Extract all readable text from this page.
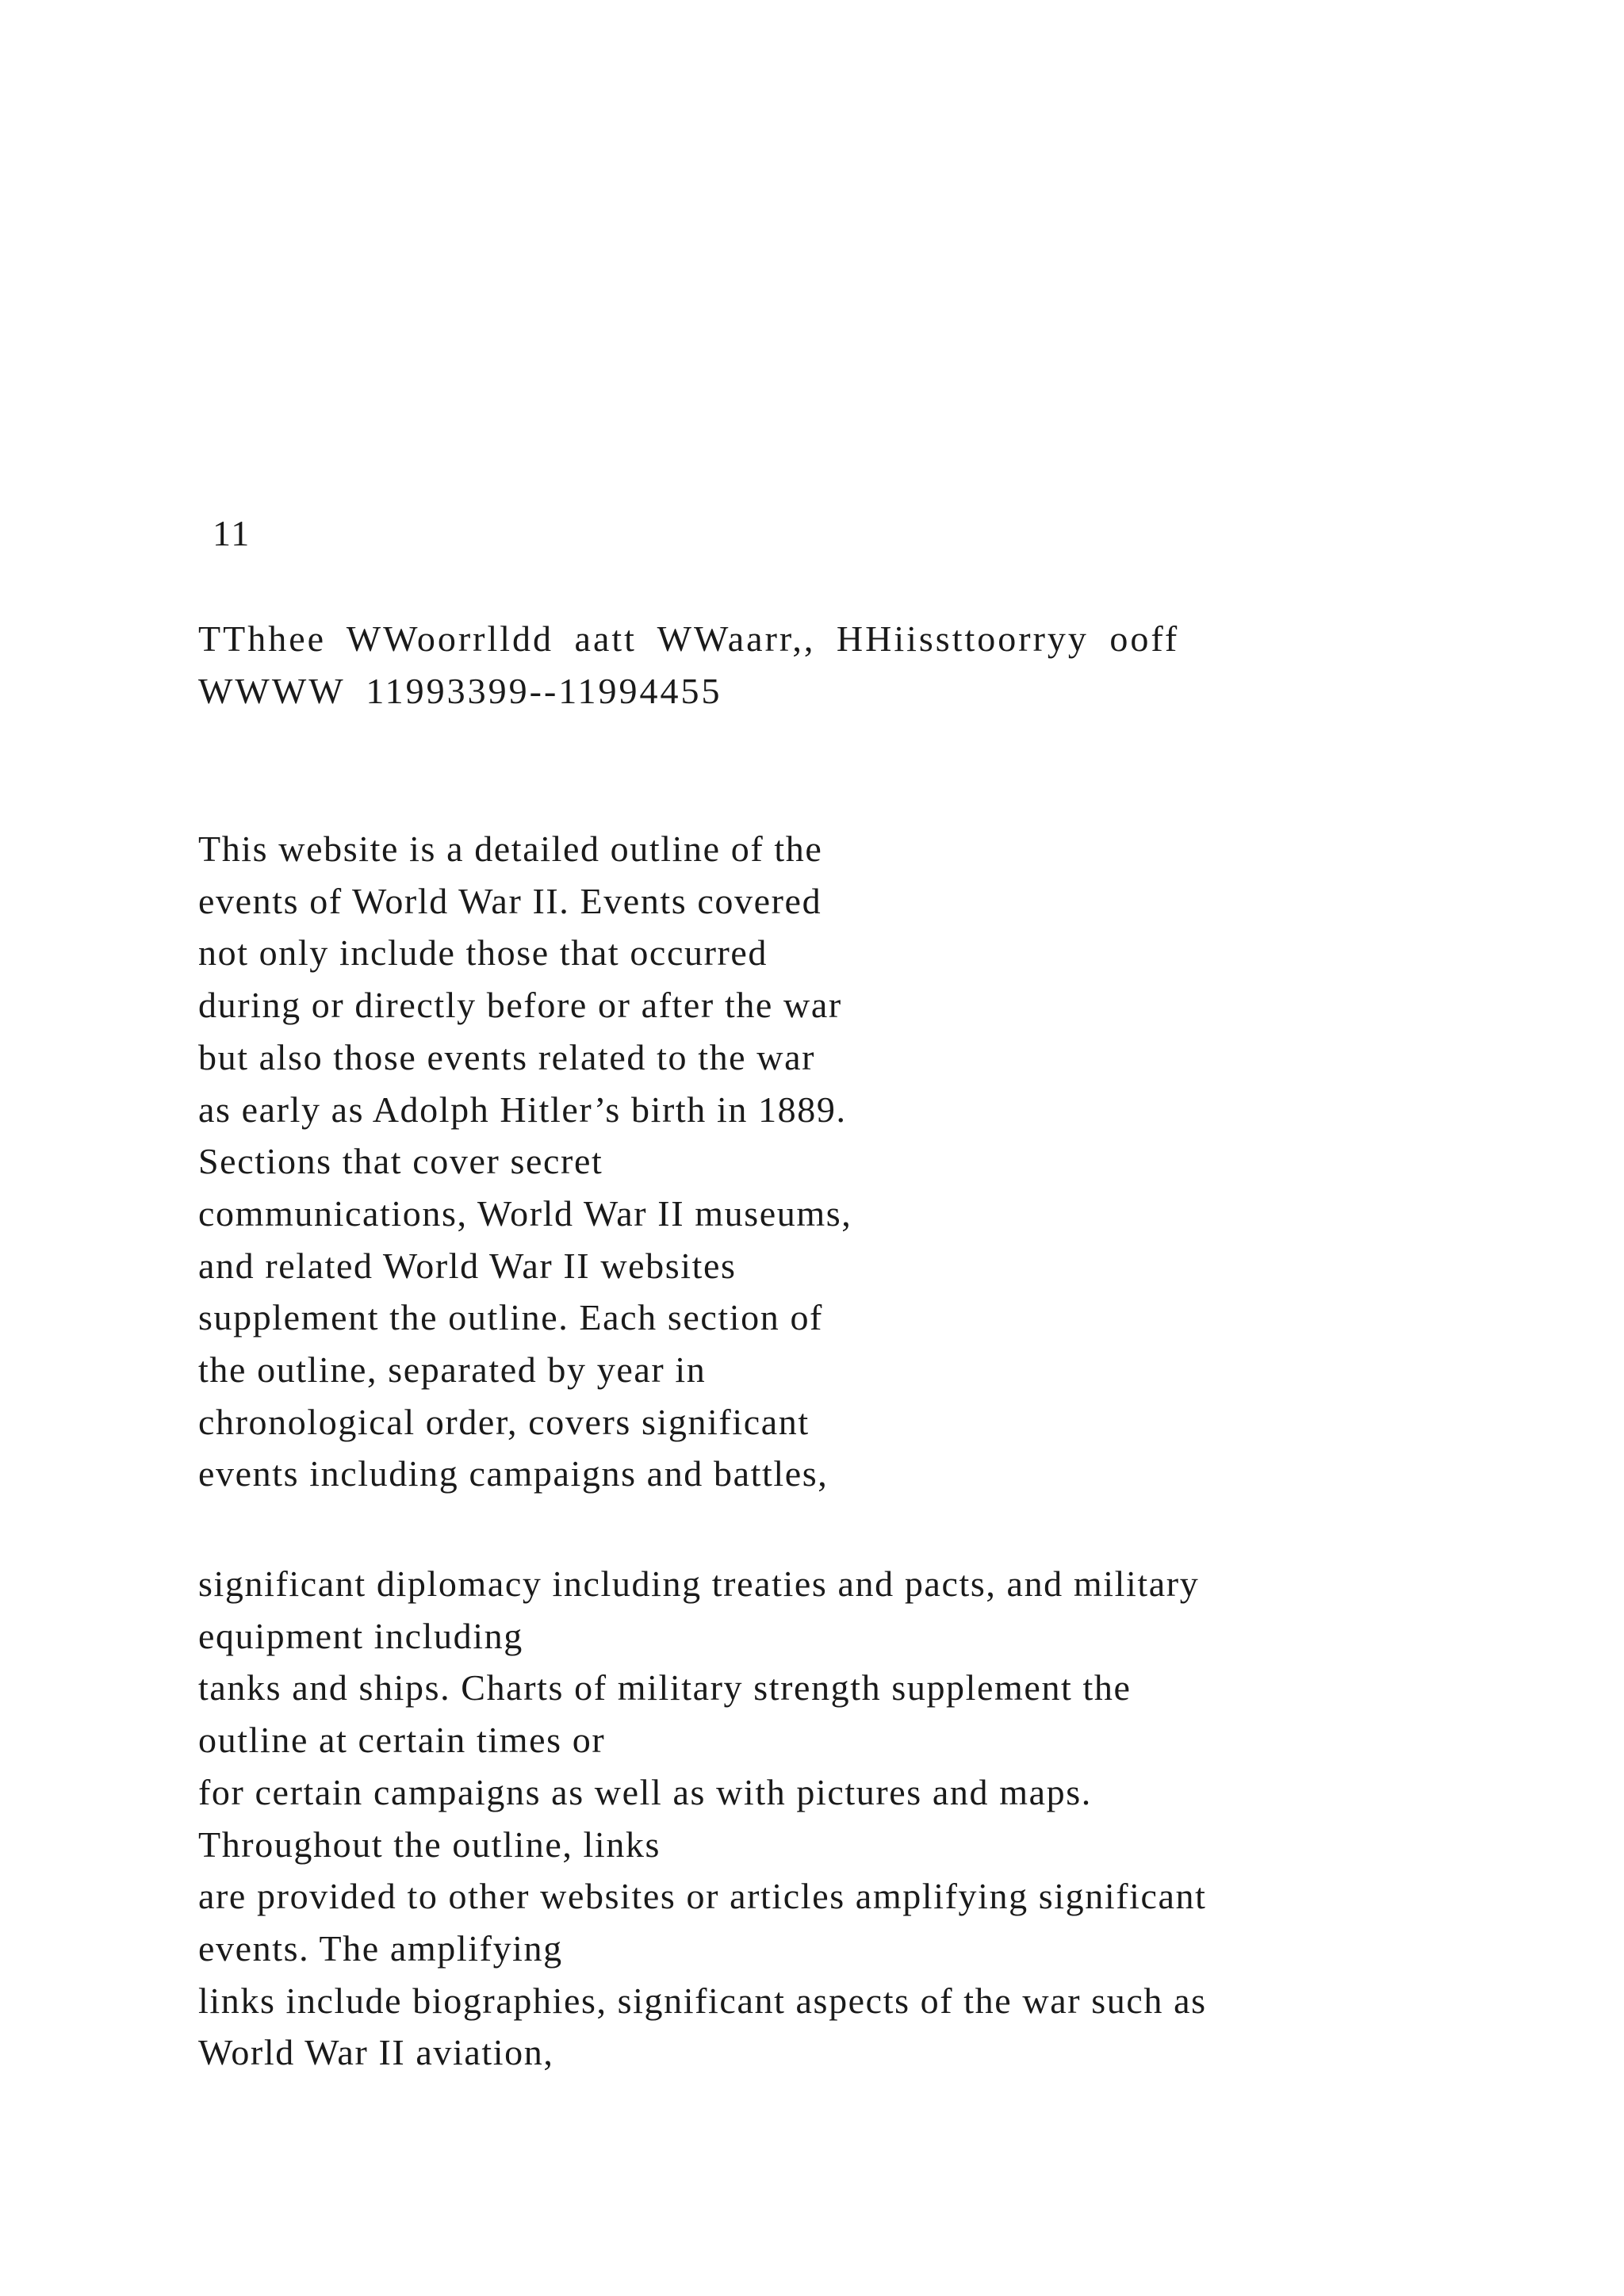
11
TThhee WWoorrlldd aatt WWaarr,, HHiissttoorryy ooff
WWWW 11993399--11994455

This website is a detailed outline of the
events of World War II. Events covered
not only include those that occurred
during or directly before or after the war
but also those events related to the war
as early as Adolph Hitler’s birth in 1889.
Sections that cover secret
communications, World War II museums,
and related World War II websites
supplement the outline. Each section of
the outline, separated by year in
chronological order, covers significant
events including campaigns and battles,

significant diplomacy including treaties and pacts, and military
equipment including
tanks and ships. Charts of military strength supplement the
outline at certain times or
for certain campaigns as well as with pictures and maps.
Throughout the outline, links
are provided to other websites or articles amplifying significant
events. The amplifying
links include biographies, significant aspects of the war such as
World War II aviation,
